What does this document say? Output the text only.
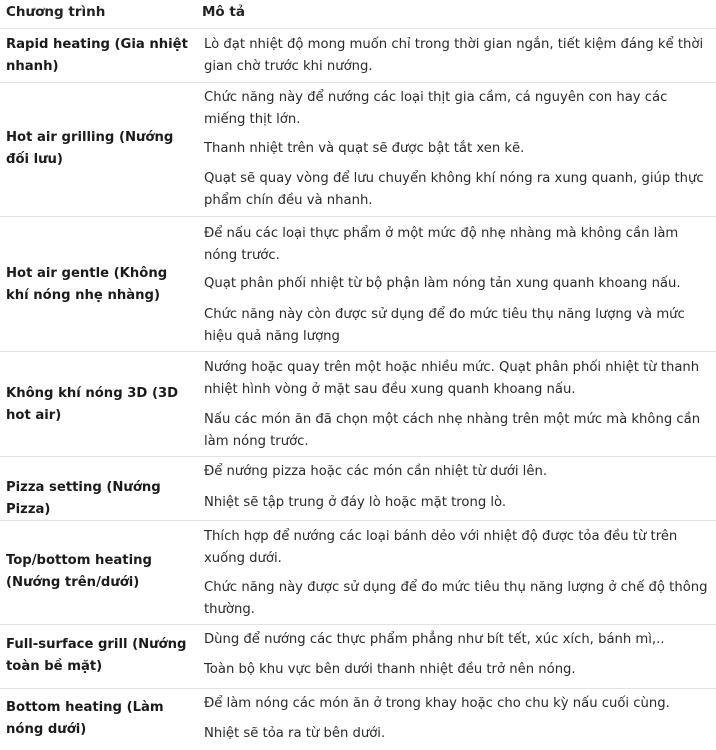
Chương trình	Mô tả
Rapid heating (Gia nhiệt nhanh)
Lò đạt nhiệt độ mong muốn chỉ trong thời gian ngắn, tiết kiệm đáng kể thời gian chờ trước khi nướng.
Hot air grilling (Nướng đối lưu)
Chức năng này để nướng các loại thịt gia cầm, cá nguyên con hay các miếng thịt lớn.
Thanh nhiệt trên và quạt sẽ được bật tắt xen kẽ.
Quạt sẽ quay vòng để lưu chuyển không khí nóng ra xung quanh, giúp thực phẩm chín đều và nhanh.
Hot air gentle (Không khí nóng nhẹ nhàng)
Để nấu các loại thực phẩm ở một mức độ nhẹ nhàng mà không cần làm nóng trước.
Quạt phân phối nhiệt từ bộ phận làm nóng tản xung quanh khoang nấu.
Chức năng này còn được sử dụng để đo mức tiêu thụ năng lượng và mức hiệu quả năng lượng
Không khí nóng 3D (3D hot air)
Nướng hoặc quay trên một hoặc nhiều mức. Quạt phân phối nhiệt từ thanh nhiệt hình vòng ở mặt sau đều xung quanh khoang nấu.
Nấu các món ăn đã chọn một cách nhẹ nhàng trên một mức mà không cần làm nóng trước.
Pizza setting (Nướng Pizza)
Để nướng pizza hoặc các món cần nhiệt từ dưới lên.
Nhiệt sẽ tập trung ở đáy lò hoặc mặt trong lò.
Top/bottom heating (Nướng trên/dưới)
Thích hợp để nướng các loại bánh dẻo với nhiệt độ được tỏa đều từ trên xuống dưới.
Chức năng này được sử dụng để đo mức tiêu thụ năng lượng ở chế độ thông thường.
Full-surface grill (Nướng toàn bề mặt)
Dùng để nướng các thực phẩm phẳng như bít tết, xúc xích, bánh mì,..
Toàn bộ khu vực bên dưới thanh nhiệt đều trở nên nóng.
Bottom heating (Làm nóng dưới)
Để làm nóng các món ăn ở trong khay hoặc cho chu kỳ nấu cuối cùng.
Nhiệt sẽ tỏa ra từ bên dưới.
